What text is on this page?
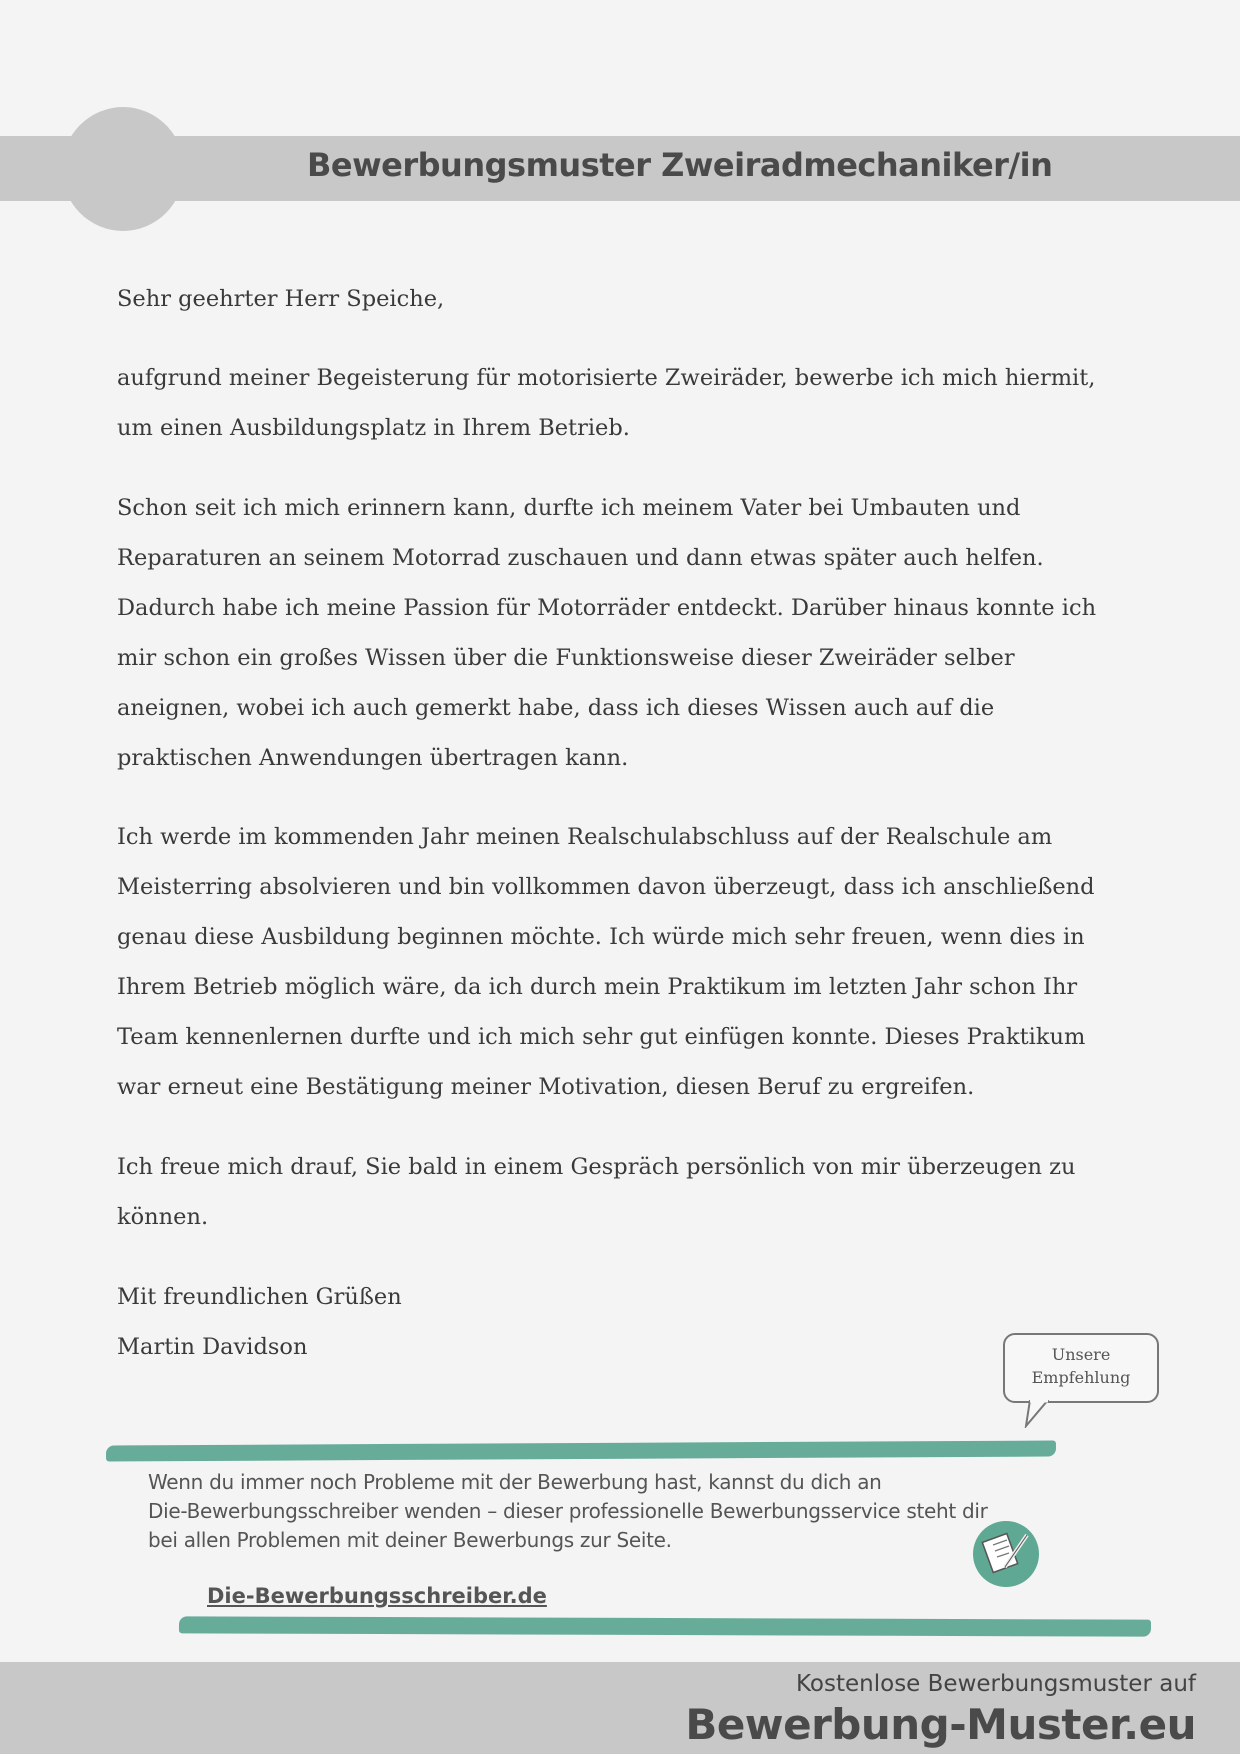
Bewerbungsmuster Zweiradmechaniker/in
Sehr geehrter Herr Speiche,
aufgrund meiner Begeisterung für motorisierte Zweiräder, bewerbe ich mich hiermit,
um einen Ausbildungsplatz in Ihrem Betrieb.
Schon seit ich mich erinnern kann, durfte ich meinem Vater bei Umbauten und
Reparaturen an seinem Motorrad zuschauen und dann etwas später auch helfen.
Dadurch habe ich meine Passion für Motorräder entdeckt. Darüber hinaus konnte ich
mir schon ein großes Wissen über die Funktionsweise dieser Zweiräder selber
aneignen, wobei ich auch gemerkt habe, dass ich dieses Wissen auch auf die
praktischen Anwendungen übertragen kann.
Ich werde im kommenden Jahr meinen Realschulabschluss auf der Realschule am
Meisterring absolvieren und bin vollkommen davon überzeugt, dass ich anschließend
genau diese Ausbildung beginnen möchte. Ich würde mich sehr freuen, wenn dies in
Ihrem Betrieb möglich wäre, da ich durch mein Praktikum im letzten Jahr schon Ihr
Team kennenlernen durfte und ich mich sehr gut einfügen konnte. Dieses Praktikum
war erneut eine Bestätigung meiner Motivation, diesen Beruf zu ergreifen.
Ich freue mich drauf, Sie bald in einem Gespräch persönlich von mir überzeugen zu
können.
Mit freundlichen Grüßen
Martin Davidson	Unsere
Empfehlung
Wenn du immer noch Probleme mit der Bewerbung hast, kannst du dich an
Die-Bewerbungsschreiber wenden – dieser professionelle Bewerbungsservice steht dir
bei allen Problemen mit deiner Bewerbungs zur Seite.
Die-Bewerbungsschreiber.de
Kostenlose Bewerbungsmuster auf
Bewerbung-Muster.eu
